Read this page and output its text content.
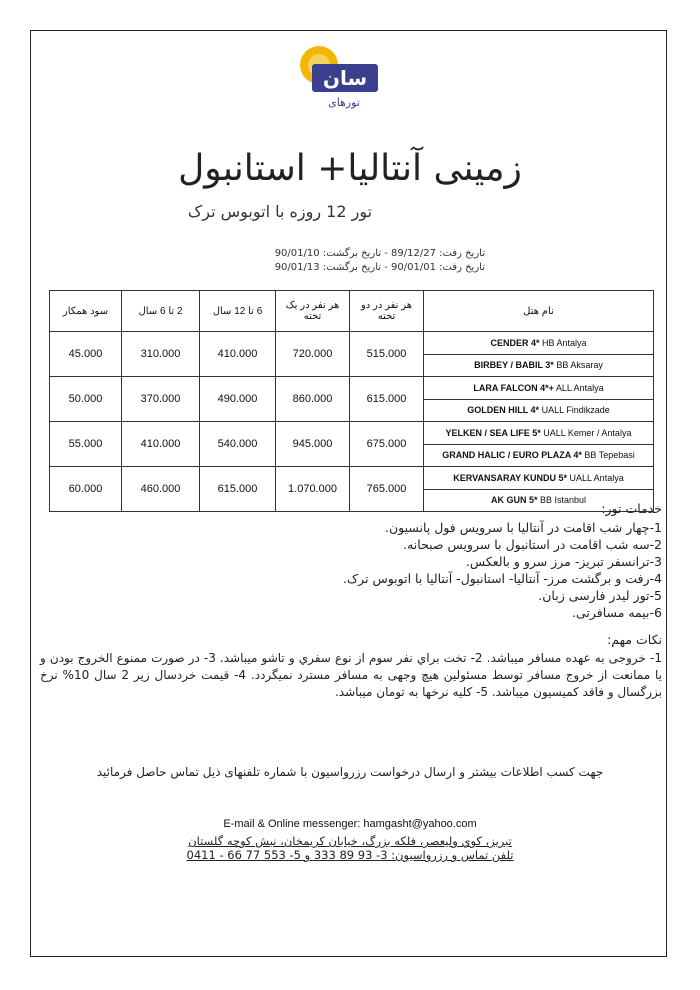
سان
تورهای
زمینی آنتالیا+ استانبول
تور 12 روزه با اتوبوس ترک
تاریخ رفت: 89/12/27 - تاریخ برگشت: 90/01/10
تاریخ رفت: 90/01/01 - تاریخ برگشت: 90/01/13
سود همکار	2 تا 6 سال	6 تا 12 سال	هر نفر در یک تخته	هر نفر در دو تخته	نام هتل
45.000	310.000	410.000	720.000	515.000	CENDER 4* HB Antalya
					BIRBEY / BABIL 3* BB Aksaray
50.000	370.000	490.000	860.000	615.000	LARA FALCON 4*+ ALL Antalya
					GOLDEN HILL 4* UALL Findikzade
55.000	410.000	540.000	945.000	675.000	YELKEN / SEA LIFE 5* UALL Kemer / Antalya
					GRAND HALIC / EURO PLAZA 4* BB Tepebasi
60.000	460.000	615.000	1.070.000	765.000	KERVANSARAY KUNDU 5* UALL Antalya
					AK GUN 5* BB Istanbul
خدمات تور:
1-چهار شب اقامت در آنتالیا با سرویس فول پانسیون.
2-سه شب اقامت در استانبول با سرویس صبحانه.
3-ترانسفر تبریز- مرز سرو و بالعکس.
4-رفت و برگشت مرز- آنتالیا- استانبول- آنتالیا با اتوبوس ترک.
5-تور لیدر فارسی زبان.
6-بیمه مسافرتی.
نکات مهم:
1- خروجی به عهده مسافر میباشد. 2- تخت براي نفر سوم از نوع سفري و تاشو میباشد. 3- در صورت ممنوع الخروج بودن و یا ممانعت از خروج مسافر توسط مسئولین هیچ وجهی به مسافر مسترد نمیگردد. 4- قیمت خردسال زیر 2 سال 10% نرخ بزرگسال و فاقد کمیسیون میباشد. 5- کلیه نرخها به تومان میباشد.
جهت کسب اطلاعات بیشتر و ارسال درخواست رزرواسیون با شماره تلفنهای ذیل تماس حاصل فرمائید
E-mail & Online messenger: hamgasht@yahoo.com
تبریز، کوي ولیعصر، فلکه بزرگ، خیابان کریمخان، نبش کوچه گلستان
تلفن تماس و رزرواسیون: 3- 93 89 333 و 5- 553 77 66 - 0411
